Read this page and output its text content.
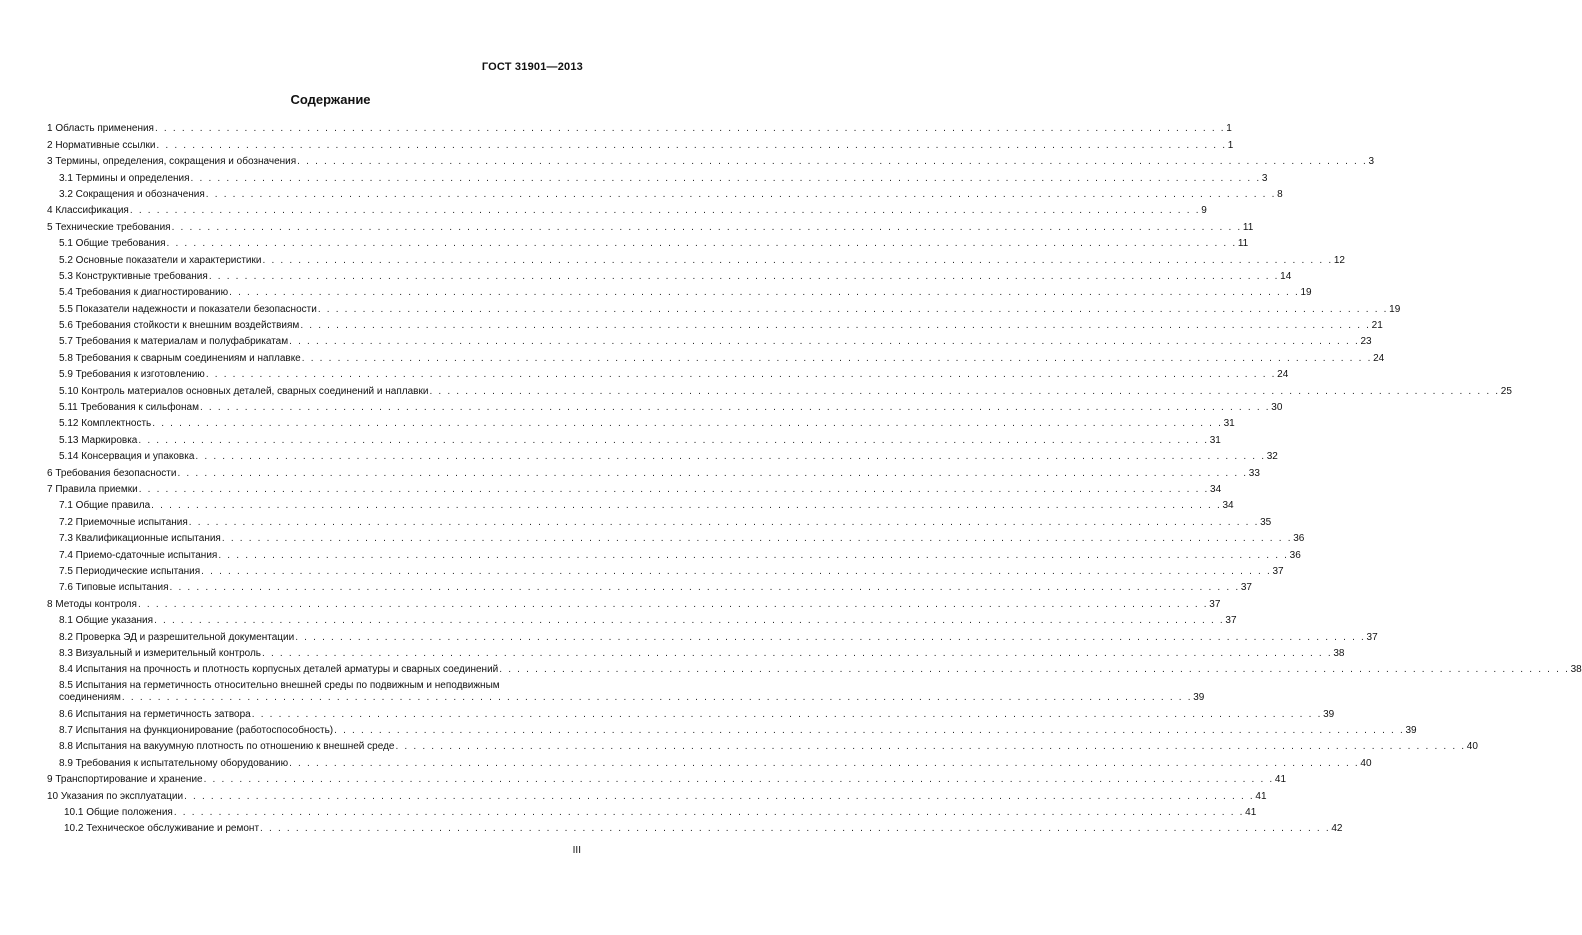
ГОСТ 31901—2013
Содержание
1 Область применения . . . . . . . . . . . . . . . . . . . . . . . . . . . . . . . . . . . . . . . . . . . . . . . . . . . . . . . . . . . . . . . . . . . . . . . . . . . . . . . . . . . . . . . . . . . . . . . . . . . . . . . . . . . . . . . . . . . . . . . . 1
2 Нормативные ссылки . . . . . . . . . . . . . . . . . . . . . . . . . . . . . . . . . . . . . . . . . . . . . . . . . . . . . . . . . . . . . . . . . . . . . . . . . . . . . . . . . . . . . . . . . . . . . . . . . . . . . . . . . . . . . . . . . . . . . . . . 1
3 Термины, определения, сокращения и обозначения . . . . . . . . . . . . . . . . . . . . . . . . . . . . . . . . . . . . . . . . . . . . . . . . . . . . . . . . . . . . . . . . . . . . . . . . . . . . . . . . . . . . . . . . . . . . . . . . . . . . . . . . . . . . . . . . . . . . . . . . 3
3.1 Термины и определения . . . . . . . . . . . . . . . . . . . . . . . . . . . . . . . . . . . . . . . . . . . . . . . . . . . . . . . . . . . . . . . . . . . . . . . . . . . . . . . . . . . . . . . . . . . . . . . . . . . . . . . . . . . . . . . . . . . . . . . . 3
3.2 Сокращения и обозначения . . . . . . . . . . . . . . . . . . . . . . . . . . . . . . . . . . . . . . . . . . . . . . . . . . . . . . . . . . . . . . . . . . . . . . . . . . . . . . . . . . . . . . . . . . . . . . . . . . . . . . . . . . . . . . . . . . . . . . . . 8
4 Классификация . . . . . . . . . . . . . . . . . . . . . . . . . . . . . . . . . . . . . . . . . . . . . . . . . . . . . . . . . . . . . . . . . . . . . . . . . . . . . . . . . . . . . . . . . . . . . . . . . . . . . . . . . . . . . . . . . . . . . . . . 9
5 Технические требования . . . . . . . . . . . . . . . . . . . . . . . . . . . . . . . . . . . . . . . . . . . . . . . . . . . . . . . . . . . . . . . . . . . . . . . . . . . . . . . . . . . . . . . . . . . . . . . . . . . . . . . . . . . . . . . . . . . . . . . . 11
5.1 Общие требования . . . . . . . . . . . . . . . . . . . . . . . . . . . . . . . . . . . . . . . . . . . . . . . . . . . . . . . . . . . . . . . . . . . . . . . . . . . . . . . . . . . . . . . . . . . . . . . . . . . . . . . . . . . . . . . . . . . . . . . . 11
5.2 Основные показатели и характеристики . . . . . . . . . . . . . . . . . . . . . . . . . . . . . . . . . . . . . . . . . . . . . . . . . . . . . . . . . . . . . . . . . . . . . . . . . . . . . . . . . . . . . . . . . . . . . . . . . . . . . . . . . . . . . . . . . . . . . . . . 12
5.3 Конструктивные требования . . . . . . . . . . . . . . . . . . . . . . . . . . . . . . . . . . . . . . . . . . . . . . . . . . . . . . . . . . . . . . . . . . . . . . . . . . . . . . . . . . . . . . . . . . . . . . . . . . . . . . . . . . . . . . . . . . . . . . . . 14
5.4 Требования к диагностированию . . . . . . . . . . . . . . . . . . . . . . . . . . . . . . . . . . . . . . . . . . . . . . . . . . . . . . . . . . . . . . . . . . . . . . . . . . . . . . . . . . . . . . . . . . . . . . . . . . . . . . . . . . . . . . . . . . . . . . . . 19
5.5 Показатели надежности и показатели безопасности . . . . . . . . . . . . . . . . . . . . . . . . . . . . . . . . . . . . . . . . . . . . . . . . . . . . . . . . . . . . . . . . . . . . . . . . . . . . . . . . . . . . . . . . . . . . . . . . . . . . . . . . . . . . . . . . . . . . . . . . 19
5.6 Требования стойкости к внешним воздействиям . . . . . . . . . . . . . . . . . . . . . . . . . . . . . . . . . . . . . . . . . . . . . . . . . . . . . . . . . . . . . . . . . . . . . . . . . . . . . . . . . . . . . . . . . . . . . . . . . . . . . . . . . . . . . . . . . . . . . . . . 21
5.7 Требования к материалам и полуфабрикатам . . . . . . . . . . . . . . . . . . . . . . . . . . . . . . . . . . . . . . . . . . . . . . . . . . . . . . . . . . . . . . . . . . . . . . . . . . . . . . . . . . . . . . . . . . . . . . . . . . . . . . . . . . . . . . . . . . . . . . . . 23
5.8 Требования к сварным соединениям и наплавке . . . . . . . . . . . . . . . . . . . . . . . . . . . . . . . . . . . . . . . . . . . . . . . . . . . . . . . . . . . . . . . . . . . . . . . . . . . . . . . . . . . . . . . . . . . . . . . . . . . . . . . . . . . . . . . . . . . . . . . . 24
5.9 Требования к изготовлению . . . . . . . . . . . . . . . . . . . . . . . . . . . . . . . . . . . . . . . . . . . . . . . . . . . . . . . . . . . . . . . . . . . . . . . . . . . . . . . . . . . . . . . . . . . . . . . . . . . . . . . . . . . . . . . . . . . . . . . . 24
5.10 Контроль материалов основных деталей, сварных соединений и наплавки . . . . . . . . . . . . . . . . . . . . . . . . . . . . . . . . . . . . . . . . . . . . . . . . . . . . . . . . . . . . . . . . . . . . . . . . . . . . . . . . . . . . . . . . . . . . . . . . . . . . . . . . . . . . . . . . . . . . . . . . 25
5.11 Требования к сильфонам . . . . . . . . . . . . . . . . . . . . . . . . . . . . . . . . . . . . . . . . . . . . . . . . . . . . . . . . . . . . . . . . . . . . . . . . . . . . . . . . . . . . . . . . . . . . . . . . . . . . . . . . . . . . . . . . . . . . . . . . 30
5.12 Комплектность . . . . . . . . . . . . . . . . . . . . . . . . . . . . . . . . . . . . . . . . . . . . . . . . . . . . . . . . . . . . . . . . . . . . . . . . . . . . . . . . . . . . . . . . . . . . . . . . . . . . . . . . . . . . . . . . . . . . . . . . 31
5.13 Маркировка . . . . . . . . . . . . . . . . . . . . . . . . . . . . . . . . . . . . . . . . . . . . . . . . . . . . . . . . . . . . . . . . . . . . . . . . . . . . . . . . . . . . . . . . . . . . . . . . . . . . . . . . . . . . . . . . . . . . . . . . 31
5.14 Консервация и упаковка . . . . . . . . . . . . . . . . . . . . . . . . . . . . . . . . . . . . . . . . . . . . . . . . . . . . . . . . . . . . . . . . . . . . . . . . . . . . . . . . . . . . . . . . . . . . . . . . . . . . . . . . . . . . . . . . . . . . . . . . 32
6 Требования безопасности . . . . . . . . . . . . . . . . . . . . . . . . . . . . . . . . . . . . . . . . . . . . . . . . . . . . . . . . . . . . . . . . . . . . . . . . . . . . . . . . . . . . . . . . . . . . . . . . . . . . . . . . . . . . . . . . . . . . . . . . 33
7 Правила приемки . . . . . . . . . . . . . . . . . . . . . . . . . . . . . . . . . . . . . . . . . . . . . . . . . . . . . . . . . . . . . . . . . . . . . . . . . . . . . . . . . . . . . . . . . . . . . . . . . . . . . . . . . . . . . . . . . . . . . . . . 34
7.1 Общие правила . . . . . . . . . . . . . . . . . . . . . . . . . . . . . . . . . . . . . . . . . . . . . . . . . . . . . . . . . . . . . . . . . . . . . . . . . . . . . . . . . . . . . . . . . . . . . . . . . . . . . . . . . . . . . . . . . . . . . . . . 34
7.2 Приемочные испытания . . . . . . . . . . . . . . . . . . . . . . . . . . . . . . . . . . . . . . . . . . . . . . . . . . . . . . . . . . . . . . . . . . . . . . . . . . . . . . . . . . . . . . . . . . . . . . . . . . . . . . . . . . . . . . . . . . . . . . . . 35
7.3 Квалификационные испытания . . . . . . . . . . . . . . . . . . . . . . . . . . . . . . . . . . . . . . . . . . . . . . . . . . . . . . . . . . . . . . . . . . . . . . . . . . . . . . . . . . . . . . . . . . . . . . . . . . . . . . . . . . . . . . . . . . . . . . . . 36
7.4 Приемо-сдаточные испытания . . . . . . . . . . . . . . . . . . . . . . . . . . . . . . . . . . . . . . . . . . . . . . . . . . . . . . . . . . . . . . . . . . . . . . . . . . . . . . . . . . . . . . . . . . . . . . . . . . . . . . . . . . . . . . . . . . . . . . . . 36
7.5 Периодические испытания . . . . . . . . . . . . . . . . . . . . . . . . . . . . . . . . . . . . . . . . . . . . . . . . . . . . . . . . . . . . . . . . . . . . . . . . . . . . . . . . . . . . . . . . . . . . . . . . . . . . . . . . . . . . . . . . . . . . . . . . 37
7.6 Типовые испытания . . . . . . . . . . . . . . . . . . . . . . . . . . . . . . . . . . . . . . . . . . . . . . . . . . . . . . . . . . . . . . . . . . . . . . . . . . . . . . . . . . . . . . . . . . . . . . . . . . . . . . . . . . . . . . . . . . . . . . . . 37
8 Методы контроля . . . . . . . . . . . . . . . . . . . . . . . . . . . . . . . . . . . . . . . . . . . . . . . . . . . . . . . . . . . . . . . . . . . . . . . . . . . . . . . . . . . . . . . . . . . . . . . . . . . . . . . . . . . . . . . . . . . . . . . . 37
8.1 Общие указания . . . . . . . . . . . . . . . . . . . . . . . . . . . . . . . . . . . . . . . . . . . . . . . . . . . . . . . . . . . . . . . . . . . . . . . . . . . . . . . . . . . . . . . . . . . . . . . . . . . . . . . . . . . . . . . . . . . . . . . . 37
8.2 Проверка ЭД и разрешительной документации . . . . . . . . . . . . . . . . . . . . . . . . . . . . . . . . . . . . . . . . . . . . . . . . . . . . . . . . . . . . . . . . . . . . . . . . . . . . . . . . . . . . . . . . . . . . . . . . . . . . . . . . . . . . . . . . . . . . . . . . 37
8.3 Визуальный и измерительный контроль . . . . . . . . . . . . . . . . . . . . . . . . . . . . . . . . . . . . . . . . . . . . . . . . . . . . . . . . . . . . . . . . . . . . . . . . . . . . . . . . . . . . . . . . . . . . . . . . . . . . . . . . . . . . . . . . . . . . . . . . 38
8.4 Испытания на прочность и плотность корпусных деталей арматуры и сварных соединений . . . . . . . . . . . . . . . . . . . . . . . . . . . . . . . . . . . . . . . . . . . . . . . . . . . . . . . . . . . . . . . . . . . . . . . . . . . . . . . . . . . . . . . . . . . . . . . . . . . . . . . . . . . . . . . . . . . . . . . . 38
8.5 Испытания на герметичность относительно внешней среды по подвижным и неподвижным
соединениям . . . . . . . . . . . . . . . . . . . . . . . . . . . . . . . . . . . . . . . . . . . . . . . . . . . . . . . . . . . . . . . . . . . . . . . . . . . . . . . . . . . . . . . . . . . . . . . . . . . . . . . . . . . . . . . . . . . . . . . . 39
8.6 Испытания на герметичность затвора . . . . . . . . . . . . . . . . . . . . . . . . . . . . . . . . . . . . . . . . . . . . . . . . . . . . . . . . . . . . . . . . . . . . . . . . . . . . . . . . . . . . . . . . . . . . . . . . . . . . . . . . . . . . . . . . . . . . . . . . 39
8.7 Испытания на функционирование (работоспособность) . . . . . . . . . . . . . . . . . . . . . . . . . . . . . . . . . . . . . . . . . . . . . . . . . . . . . . . . . . . . . . . . . . . . . . . . . . . . . . . . . . . . . . . . . . . . . . . . . . . . . . . . . . . . . . . . . . . . . . . . 39
8.8 Испытания на вакуумную плотность по отношению к внешней среде . . . . . . . . . . . . . . . . . . . . . . . . . . . . . . . . . . . . . . . . . . . . . . . . . . . . . . . . . . . . . . . . . . . . . . . . . . . . . . . . . . . . . . . . . . . . . . . . . . . . . . . . . . . . . . . . . . . . . . . . 40
8.9 Требования к испытательному оборудованию . . . . . . . . . . . . . . . . . . . . . . . . . . . . . . . . . . . . . . . . . . . . . . . . . . . . . . . . . . . . . . . . . . . . . . . . . . . . . . . . . . . . . . . . . . . . . . . . . . . . . . . . . . . . . . . . . . . . . . . . 40
9 Транспортирование и хранение . . . . . . . . . . . . . . . . . . . . . . . . . . . . . . . . . . . . . . . . . . . . . . . . . . . . . . . . . . . . . . . . . . . . . . . . . . . . . . . . . . . . . . . . . . . . . . . . . . . . . . . . . . . . . . . . . . . . . . . . 41
10 Указания по эксплуатации . . . . . . . . . . . . . . . . . . . . . . . . . . . . . . . . . . . . . . . . . . . . . . . . . . . . . . . . . . . . . . . . . . . . . . . . . . . . . . . . . . . . . . . . . . . . . . . . . . . . . . . . . . . . . . . . . . . . . . . . 41
10.1 Общие положения . . . . . . . . . . . . . . . . . . . . . . . . . . . . . . . . . . . . . . . . . . . . . . . . . . . . . . . . . . . . . . . . . . . . . . . . . . . . . . . . . . . . . . . . . . . . . . . . . . . . . . . . . . . . . . . . . . . . . . . . 41
10.2 Техническое обслуживание и ремонт . . . . . . . . . . . . . . . . . . . . . . . . . . . . . . . . . . . . . . . . . . . . . . . . . . . . . . . . . . . . . . . . . . . . . . . . . . . . . . . . . . . . . . . . . . . . . . . . . . . . . . . . . . . . . . . . . . . . . . . . 42
III
